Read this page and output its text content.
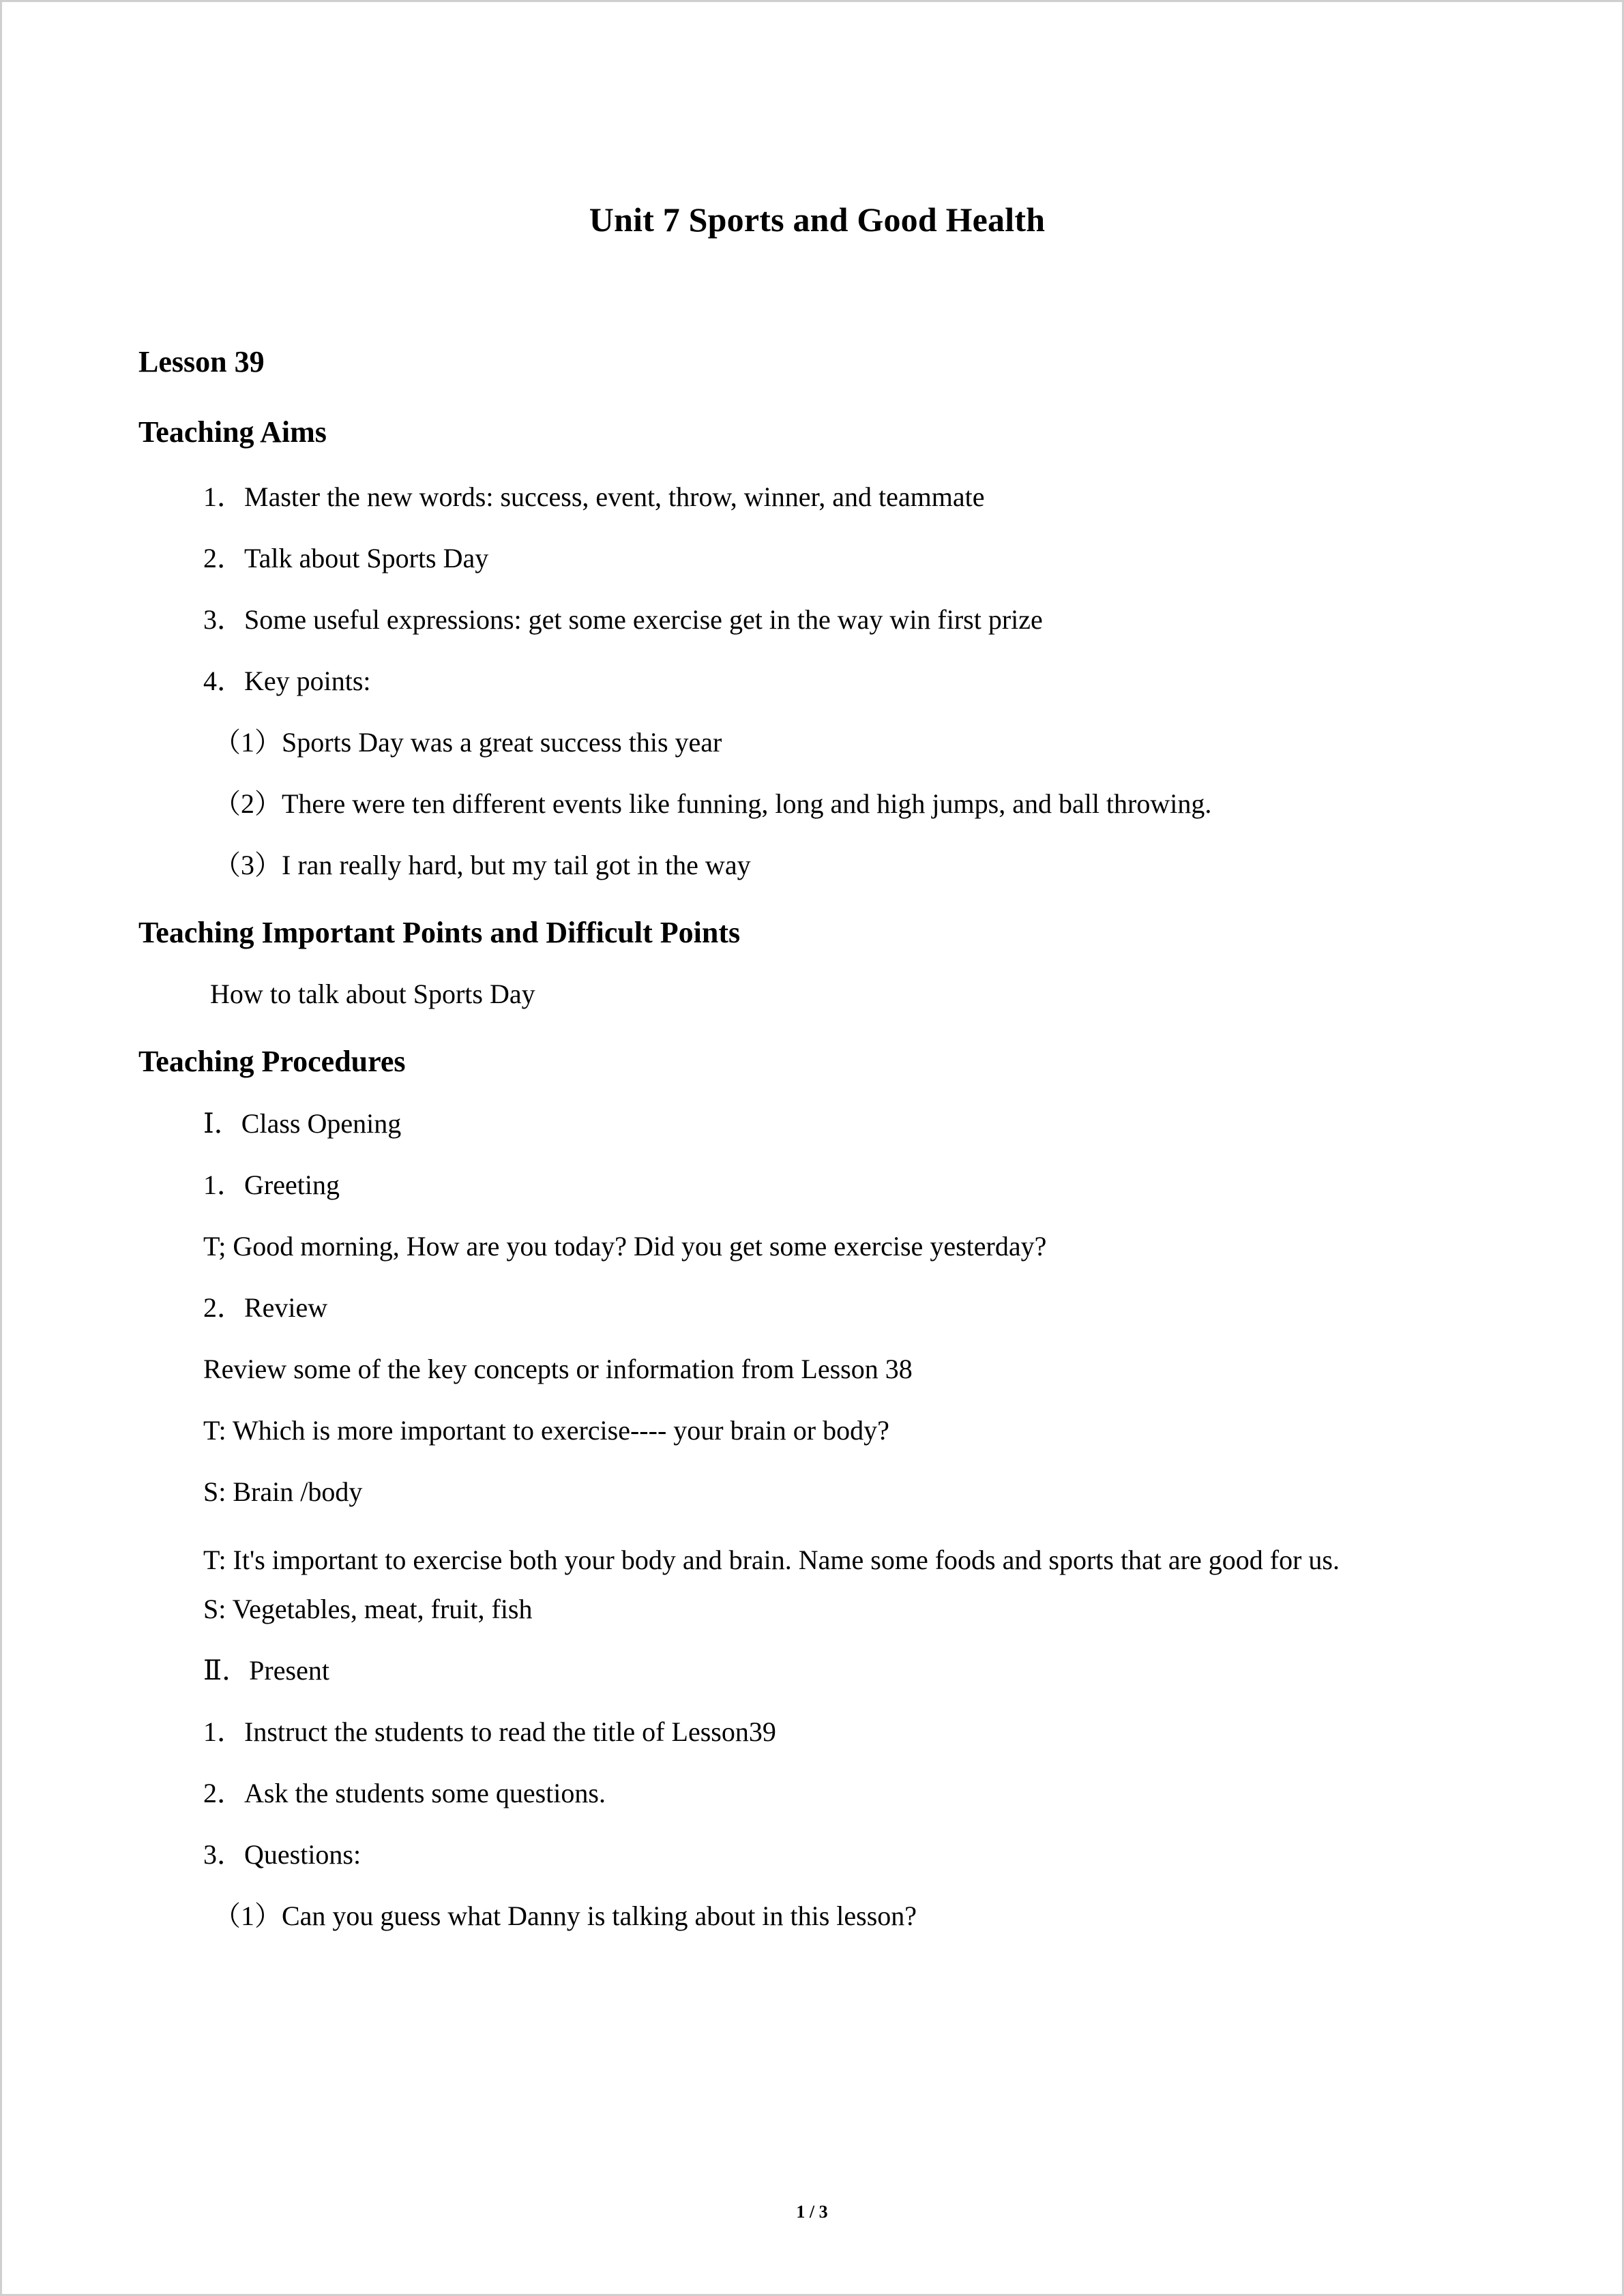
Unit 7 Sports and Good Health
Lesson 39
Teaching Aims
1．Master the new words: success, event, throw, winner, and teammate
2．Talk about Sports Day
3．Some useful expressions: get some exercise get in the way win first prize
4．Key points:
（1）Sports Day was a great success this year
（2）There were ten different events like funning, long and high jumps, and ball throwing.
（3）I ran really hard, but my tail got in the way
Teaching Important Points and Difficult Points
How to talk about Sports Day
Teaching Procedures
Ⅰ．Class Opening
1．Greeting
T; Good morning, How are you today? Did you get some exercise yesterday?
2．Review
Review some of the key concepts or information from Lesson 38
T: Which is more important to exercise---- your brain or body?
S: Brain /body
T: It's important to exercise both your body and brain. Name some foods and sports that are good for us.
S: Vegetables, meat, fruit, fish
Ⅱ．Present
1．Instruct the students to read the title of Lesson39
2．Ask the students some questions.
3．Questions:
（1）Can you guess what Danny is talking about in this lesson?
1 / 3
